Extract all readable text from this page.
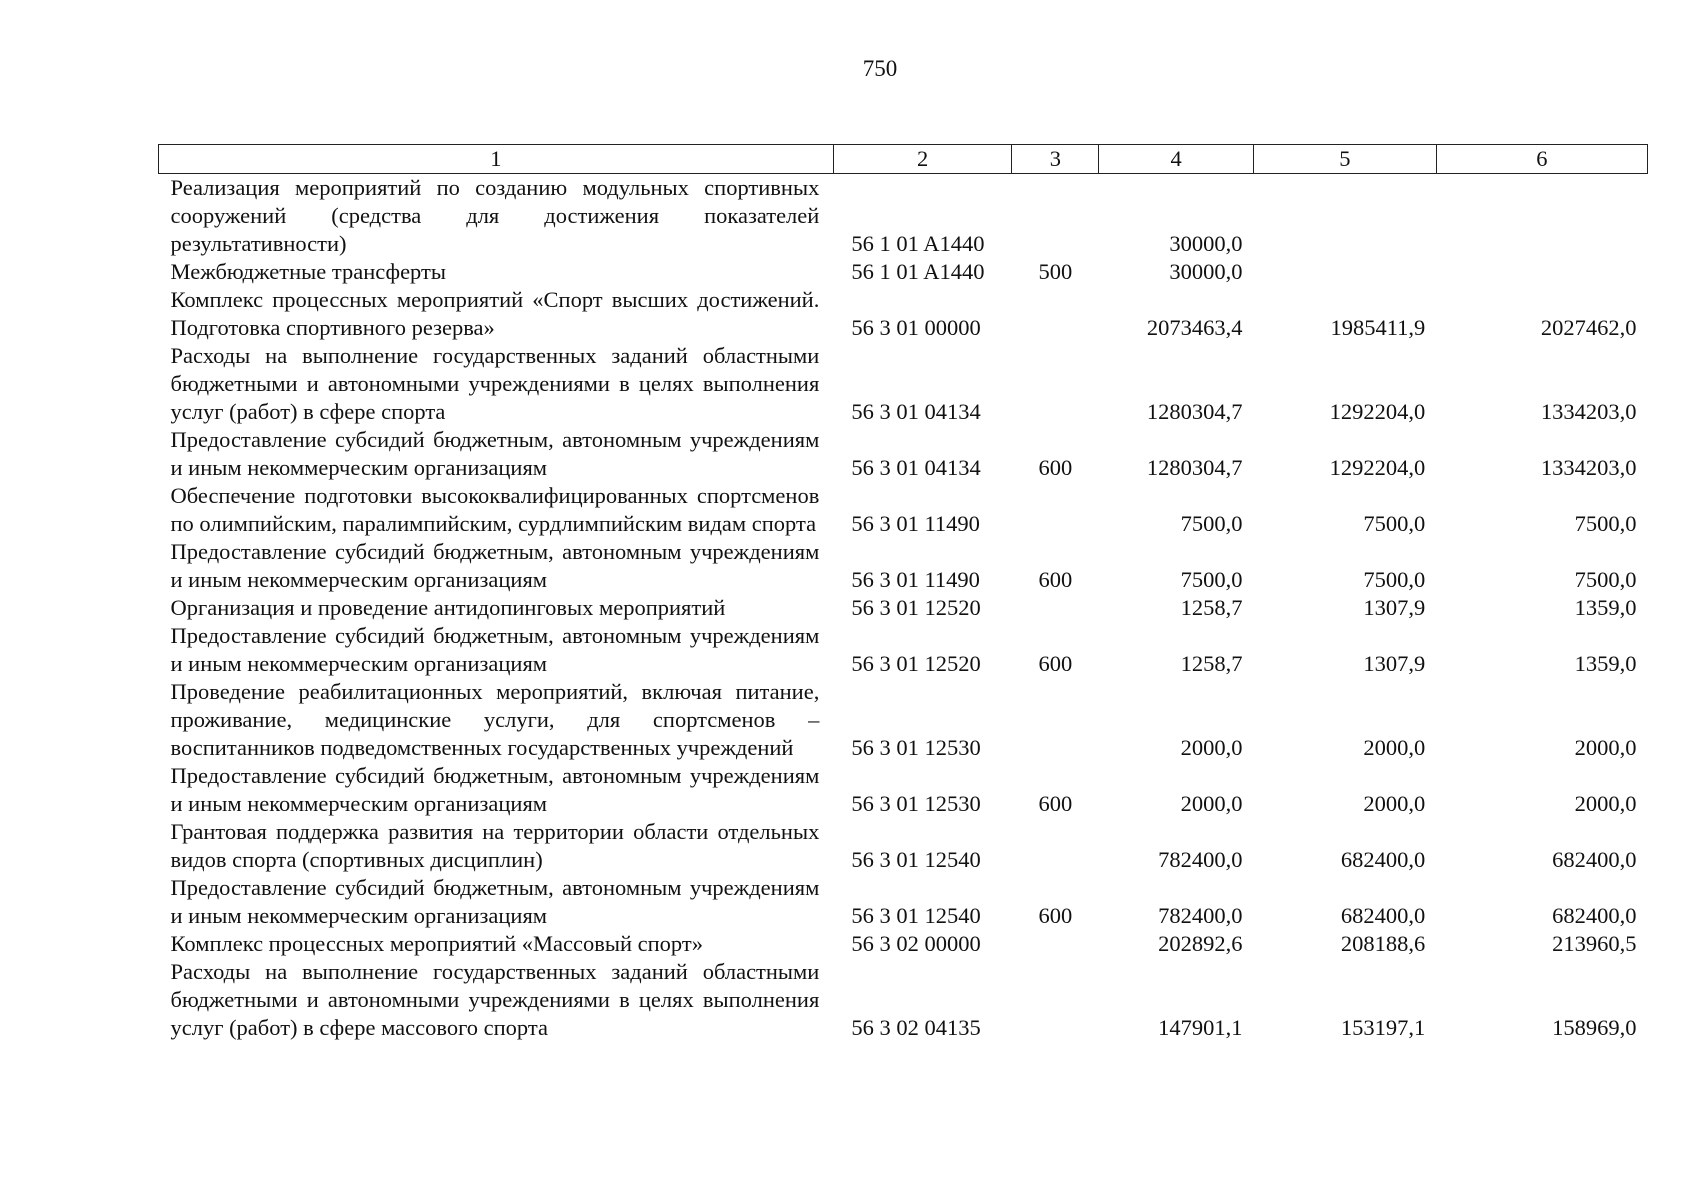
750
1	2	3	4	5	6
Реализация мероприятий по созданию модульных спортивных сооружений (средства для достижения показателей результативности)	56 1 01 A1440		30000,0		
Межбюджетные трансферты	56 1 01 A1440	500	30000,0		
Комплекс процессных мероприятий «Спорт высших достижений. Подготовка спортивного резерва»	56 3 01 00000		2073463,4	1985411,9	2027462,0
Расходы на выполнение государственных заданий областными бюджетными и автономными учреждениями в целях выполнения услуг (работ) в сфере спорта	56 3 01 04134		1280304,7	1292204,0	1334203,0
Предоставление субсидий бюджетным, автономным учреждениям и иным некоммерческим организациям	56 3 01 04134	600	1280304,7	1292204,0	1334203,0
Обеспечение подготовки высококвалифицированных спортсменов по олимпийским, паралимпийским, сурдлимпийским видам спорта	56 3 01 11490		7500,0	7500,0	7500,0
Предоставление субсидий бюджетным, автономным учреждениям и иным некоммерческим организациям	56 3 01 11490	600	7500,0	7500,0	7500,0
Организация и проведение антидопинговых мероприятий	56 3 01 12520		1258,7	1307,9	1359,0
Предоставление субсидий бюджетным, автономным учреждениям и иным некоммерческим организациям	56 3 01 12520	600	1258,7	1307,9	1359,0
Проведение реабилитационных мероприятий, включая питание, проживание, медицинские услуги, для спортсменов – воспитанников подведомственных государственных учреждений	56 3 01 12530		2000,0	2000,0	2000,0
Предоставление субсидий бюджетным, автономным учреждениям и иным некоммерческим организациям	56 3 01 12530	600	2000,0	2000,0	2000,0
Грантовая поддержка развития на территории области отдельных видов спорта (спортивных дисциплин)	56 3 01 12540		782400,0	682400,0	682400,0
Предоставление субсидий бюджетным, автономным учреждениям и иным некоммерческим организациям	56 3 01 12540	600	782400,0	682400,0	682400,0
Комплекс процессных мероприятий «Массовый спорт»	56 3 02 00000		202892,6	208188,6	213960,5
Расходы на выполнение государственных заданий областными бюджетными и автономными учреждениями в целях выполнения услуг (работ) в сфере массового спорта	56 3 02 04135		147901,1	153197,1	158969,0
